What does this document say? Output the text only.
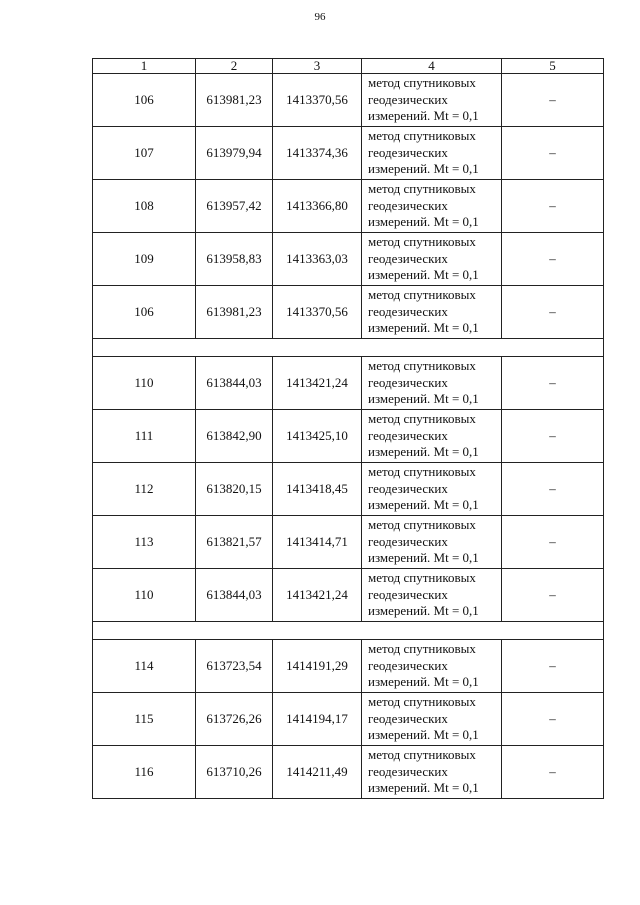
96
1	2	3	4	5
106	613981,23	1413370,56	метод спутниковых
геодезических
измерений. Mt = 0,1	–
107	613979,94	1413374,36	метод спутниковых
геодезических
измерений. Mt = 0,1	–
108	613957,42	1413366,80	метод спутниковых
геодезических
измерений. Mt = 0,1	–
109	613958,83	1413363,03	метод спутниковых
геодезических
измерений. Mt = 0,1	–
106	613981,23	1413370,56	метод спутниковых
геодезических
измерений. Mt = 0,1	–

110	613844,03	1413421,24	метод спутниковых
геодезических
измерений. Mt = 0,1	–
111	613842,90	1413425,10	метод спутниковых
геодезических
измерений. Mt = 0,1	–
112	613820,15	1413418,45	метод спутниковых
геодезических
измерений. Mt = 0,1	–
113	613821,57	1413414,71	метод спутниковых
геодезических
измерений. Mt = 0,1	–
110	613844,03	1413421,24	метод спутниковых
геодезических
измерений. Mt = 0,1	–

114	613723,54	1414191,29	метод спутниковых
геодезических
измерений. Mt = 0,1	–
115	613726,26	1414194,17	метод спутниковых
геодезических
измерений. Mt = 0,1	–
116	613710,26	1414211,49	метод спутниковых
геодезических
измерений. Mt = 0,1	–
